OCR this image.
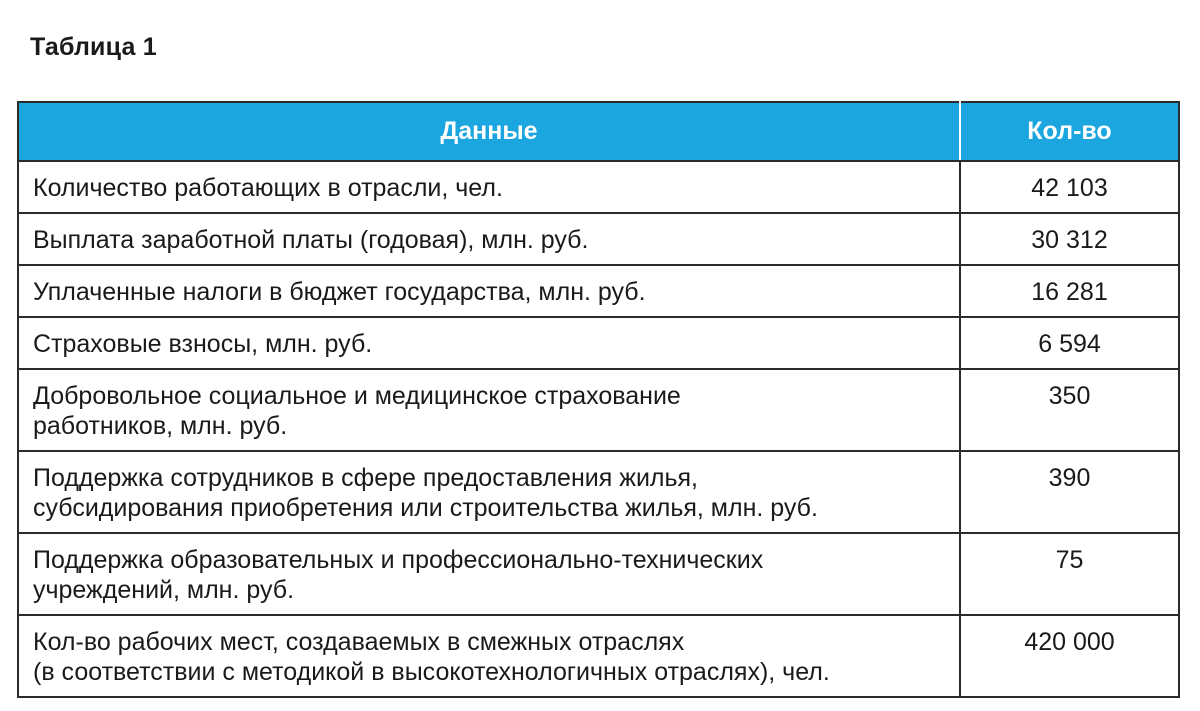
Таблица 1
Данные	Кол-во
Количество работающих в отрасли, чел.	42 103
Выплата заработной платы (годовая), млн. руб.	30 312
Уплаченные налоги в бюджет государства, млн. руб.	16 281
Страховые взносы, млн. руб.	6 594

Добровольное социальное и медицинское страхование
работников, млн. руб.	350

Поддержка сотрудников в сфере предоставления жилья,
субсидирования приобретения или строительства жилья, млн. руб.	390

Поддержка образовательных и профессионально-технических
учреждений, млн. руб.	75

Кол-во рабочих мест, создаваемых в смежных отраслях
(в соответствии с методикой в высокотехнологичных отраслях), чел.	420 000
